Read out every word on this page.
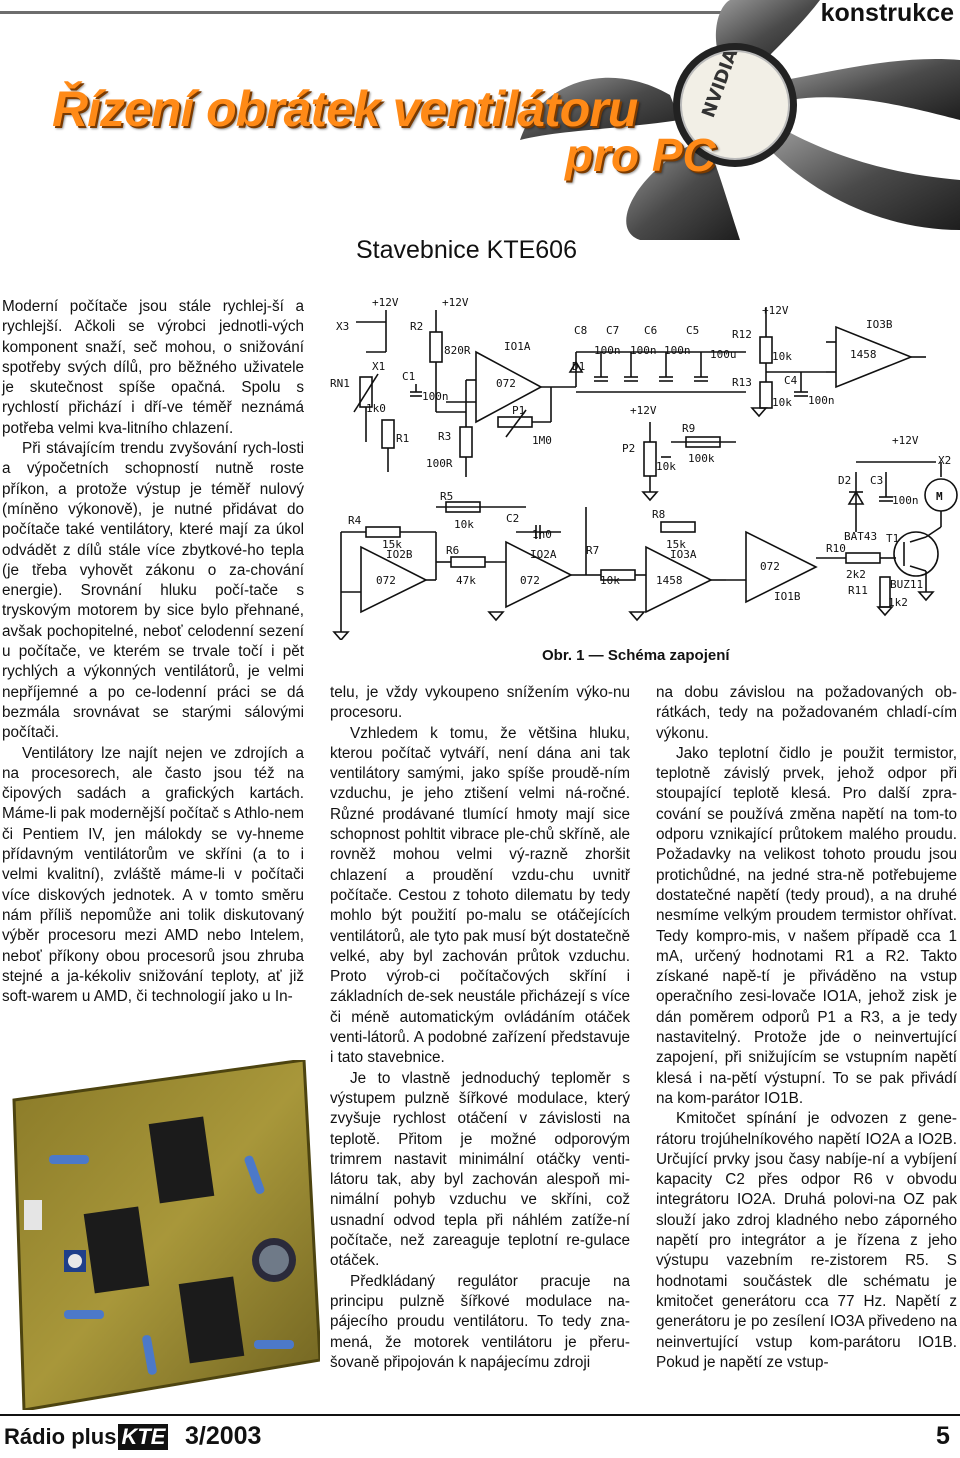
konstrukce
NVIDIA
Řízení obrátek ventilátoru
pro PC
Stavebnice KTE606

Moderní počítače jsou stále rychlej-ší a rychlejší. Ačkoli se výrobci jednotli-vých komponent snaží, seč mohou, o snižování spotřeby svých dílů, pro běžného uživatele je skutečnost spíše opačná. Spolu s rychlostí přichází i dří-ve téměř neznámá potřeba velmi kva-litního chlazení.

Při stávajícím trendu zvyšování rych-losti a výpočetních schopností nutně roste příkon, a protože výstup je téměř nulový (míněno výkonově), je nutné přidávat do počítače také ventilátory, které mají za úkol odvádět z dílů stále více zbytkové-ho tepla (je třeba vyhovět zákonu o za-chování energie). Srovnání hluku počí-tače s tryskovým motorem by sice bylo přehnané, avšak pochopitelné, neboť celodenní sezení u počítače, ve kterém se trvale točí i pět rychlých a výkonných ventilátorů, je velmi nepříjemné a po ce-lodenní práci se dá bezmála srovnávat se starými sálovými počítači.

Ventilátory lze najít nejen ve zdrojích a na procesorech, ale často jsou též na čipových sadách a grafických kartách. Máme-li pak modernější počítač s Athlo-nem či Pentiem IV, jen málokdy se vy-hneme přídavným ventilátorům ve skříni (a to i velmi kvalitní), zvláště máme-li v počítači více diskových jednotek. A v tomto směru nám příliš nepomůže ani tolik diskutovaný výběr procesoru mezi AMD nebo Intelem, neboť příkony obou procesorů jsou zhruba stejné a ja-kékoliv snižování teploty, ať již soft-warem u AMD, či technologií jako u In-

X3
X1
X2
RN1
R1
1k0
R2
820R
R3
100R
C1
100n
IO1A
072
P1
1M0
D1
C8 C7 C6	C5
100n 100n 100n 100u
R12
10k
R13
10k
C4
100n
IO3B
1458
P2
10k
R9
100k
+12V
+12V	+12V
+12V
+12V
D2
BAT43
C3
100n M
T1
BUZ11
R4
15k
IO2B
072
R5
10k	C2
1n0
R6
47k
IO2A
072
R7
10k
R8
15k
IO3A
1458
072
IO1B
R10
2k2
R11
1k2
Obr. 1 — Schéma zapojení

telu, je vždy vykoupeno snížením výko-nu procesoru.

Vzhledem k tomu, že většina hluku, kterou počítač vytváří, není dána ani tak ventilátory samými, jako spíše proudě-ním vzduchu, je jeho ztišení velmi ná-ročné. Různé prodávané tlumící hmoty mají sice schopnost pohltit vibrace ple-chů skříně, ale rovněž mohou velmi vý-razně zhoršit chlazení a proudění vzdu-chu uvnitř počítače. Cestou z tohoto dilematu by tedy mohlo být použití po-malu se otáčejících ventilátorů, ale tyto pak musí být dostatečně velké, aby byl zachován průtok vzduchu. Proto výrob-ci počítačových skříní i základních de-sek neustále přicházejí s více či méně automatickým ovládáním otáček venti-látorů. A podobné zařízení představuje i tato stavebnice.

Je to vlastně jednoduchý teploměr s výstupem pulzně šířkové modulace, který zvyšuje rychlost otáčení v závislosti na teplotě. Přitom je možné odporovým trimrem nastavit minimální otáčky venti-látoru tak, aby byl zachován alespoň mi-nimální pohyb vzduchu ve skříni, což usnadní odvod tepla při náhlém zatíže-ní počítače, než zareaguje teplotní re-gulace otáček.

Předkládaný regulátor pracuje na principu pulzně šířkové modulace na-pájecího proudu ventilátoru. To tedy zna-mená, že motorek ventilátoru je přeru-šovaně připojován k napájecímu zdroji

na dobu závislou na požadovaných ob-rátkách, tedy na požadovaném chladí-cím výkonu.

Jako teplotní čidlo je použit termistor, teplotně závislý prvek, jehož odpor při stoupající teplotě klesá. Pro další zpra-cování se používá změna napětí na tom-to odporu vznikající průtokem malého proudu. Požadavky na velikost tohoto proudu jsou protichůdné, na jedné stra-ně potřebujeme dostatečné napětí (tedy proud), a na druhé nesmíme velkým proudem termistor ohřívat. Tedy kompro-mis, v našem případě cca 1 mA, určený hodnotami R1 a R2. Takto získané napě-tí je přiváděno na vstup operačního zesi-lovače IO1A, jehož zisk je dán poměrem odporů P1 a R3, a je tedy nastavitelný. Protože jde o neinvertující zapojení, při snižujícím se vstupním napětí klesá i na-pětí výstupní. To se pak přivádí na kom-parátor IO1B.

Kmitočet spínání je odvozen z gene-rátoru trojúhelníkového napětí IO2A a IO2B. Určující prvky jsou časy nabíje-ní a vybíjení kapacity C2 přes odpor R6 v obvodu integrátoru IO2A. Druhá polovi-na OZ pak slouží jako zdroj kladného nebo záporného napětí pro integrátor a je řízena z jeho výstupu vazebním re-zistorem R5. S hodnotami součástek dle schématu je kmitočet generátoru cca 77 Hz. Napětí z generátoru je po zesílení IO3A přivedeno na neinvertující vstup kom-parátoru IO1B. Pokud je napětí ze vstup-

Rádio plus KTE 3/2003	5
